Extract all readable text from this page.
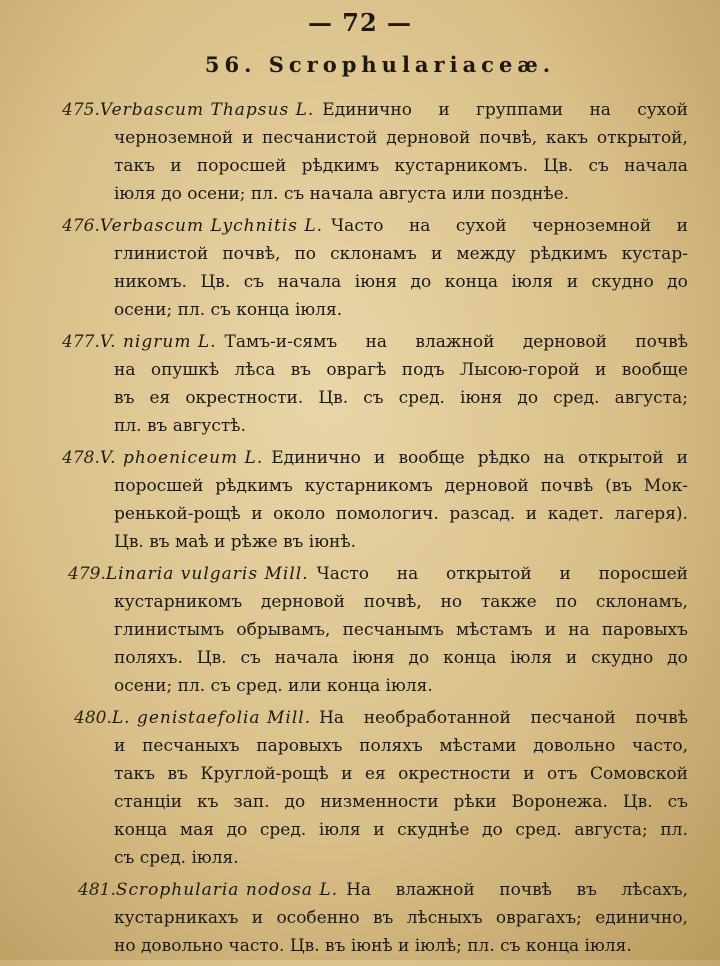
— 72 —
56. Scrophulariaceæ.
475. Verbascum Thapsus L. Единично и группами на сухой
черноземной и песчанистой дерновой почвѣ, какъ открытой,
такъ и поросшей рѣдкимъ кустарникомъ. Цв. съ начала
іюля до осени; пл. съ начала августа или позднѣе.
476. Verbascum Lychnitis L. Часто на сухой черноземной и
глинистой почвѣ, по склонамъ и между рѣдкимъ кустар-
никомъ. Цв. съ начала іюня до конца іюля и скудно до
осени; пл. съ конца іюля.
477. V. nigrum L. Тамъ-и-сямъ на влажной дерновой почвѣ
на опушкѣ лѣса въ оврагѣ подъ Лысою-горой и вообще
въ ея окрестности. Цв. съ сред. іюня до сред. августа;
пл. въ августѣ.
478. V. phoeniceum L. Единично и вообще рѣдко на открытой и
поросшей рѣдкимъ кустарникомъ дерновой почвѣ (въ Мок-
ренькой-рощѣ и около помологич. разсад. и кадет. лагеря).
Цв. въ маѣ и рѣже въ іюнѣ.
479. Linaria vulgaris Mill. Часто на открытой и поросшей
кустарникомъ дерновой почвѣ, но также по склонамъ,
глинистымъ обрывамъ, песчанымъ мѣстамъ и на паровыхъ
поляхъ. Цв. съ начала іюня до конца іюля и скудно до
осени; пл. съ сред. или конца іюля.
480. L. genistaefolia Mill. На необработанной песчаной почвѣ
и песчаныхъ паровыхъ поляхъ мѣстами довольно часто,
такъ въ Круглой-рощѣ и ея окрестности и отъ Сомовской
станціи къ зап. до низменности рѣки Воронежа. Цв. съ
конца мая до сред. іюля и скуднѣе до сред. августа; пл.
съ сред. іюля.
481. Scrophularia nodosa L. На влажной почвѣ въ лѣсахъ,
кустарникахъ и особенно въ лѣсныхъ оврагахъ; единично,
но довольно часто. Цв. въ іюнѣ и іюлѣ; пл. съ конца іюля.
